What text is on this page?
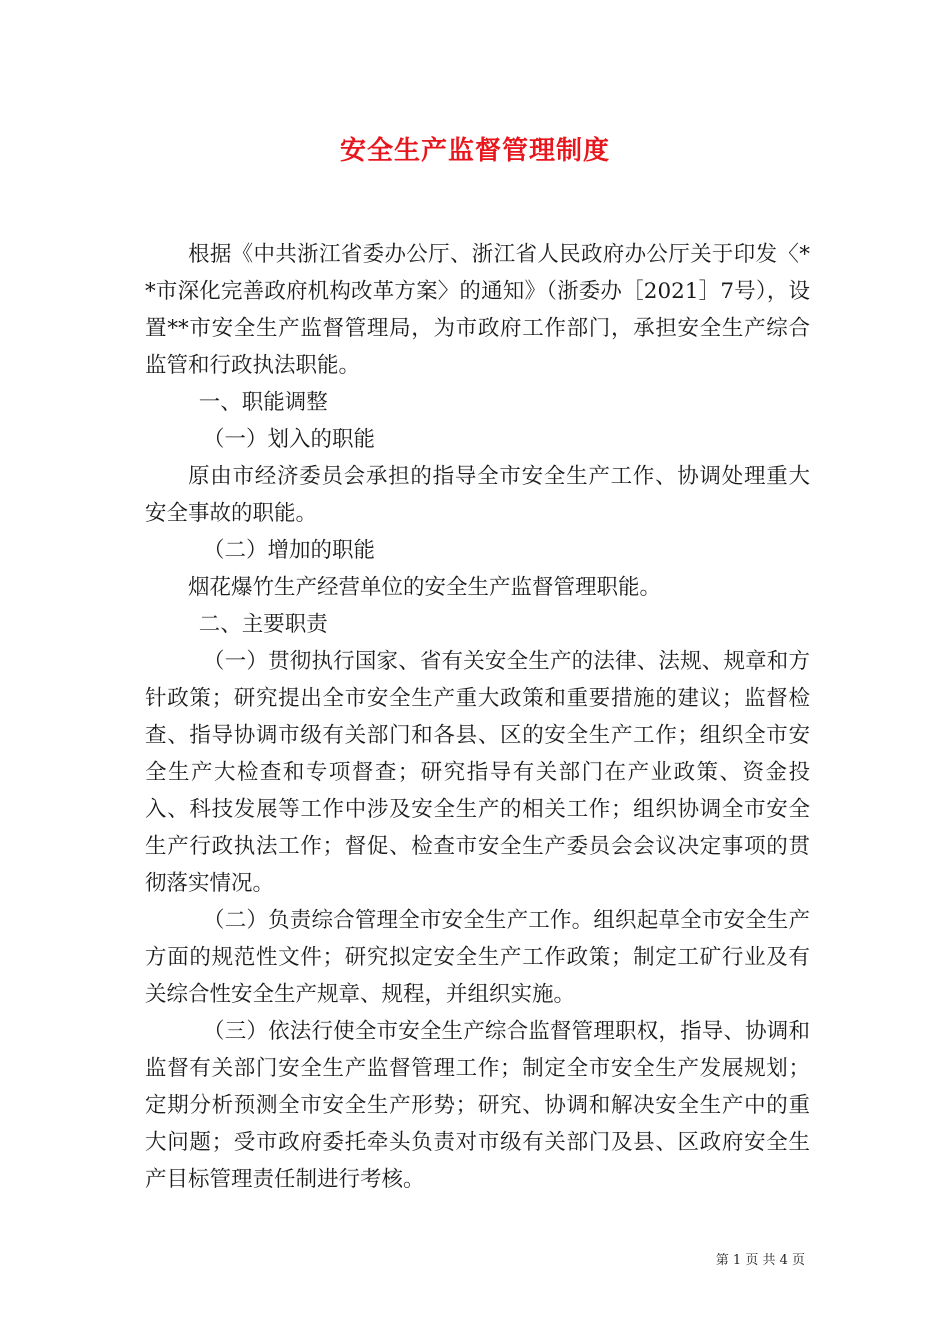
安全生产监督管理制度

根据《中共浙江省委办公厅、浙江省人民政府办公厅关于印发〈**市深化完善政府机构改革方案〉的通知》（浙委办［2021］7号），设置**市安全生产监督管理局，为市政府工作部门，承担安全生产综合监管和行政执法职能。

一、职能调整

（一）划入的职能

原由市经济委员会承担的指导全市安全生产工作、协调处理重大安全事故的职能。

（二）增加的职能

烟花爆竹生产经营单位的安全生产监督管理职能。

二、主要职责

（一）贯彻执行国家、省有关安全生产的法律、法规、规章和方针政策；研究提出全市安全生产重大政策和重要措施的建议；监督检查、指导协调市级有关部门和各县、区的安全生产工作；组织全市安全生产大检查和专项督查；研究指导有关部门在产业政策、资金投入、科技发展等工作中涉及安全生产的相关工作；组织协调全市安全生产行政执法工作；督促、检查市安全生产委员会会议决定事项的贯彻落实情况。

（二）负责综合管理全市安全生产工作。组织起草全市安全生产方面的规范性文件；研究拟定安全生产工作政策；制定工矿行业及有关综合性安全生产规章、规程，并组织实施。

（三）依法行使全市安全生产综合监督管理职权，指导、协调和监督有关部门安全生产监督管理工作；制定全市安全生产发展规划；定期分析预测全市安全生产形势；研究、协调和解决安全生产中的重大问题；受市政府委托牵头负责对市级有关部门及县、区政府安全生产目标管理责任制进行考核。

第 1 页 共 4 页
